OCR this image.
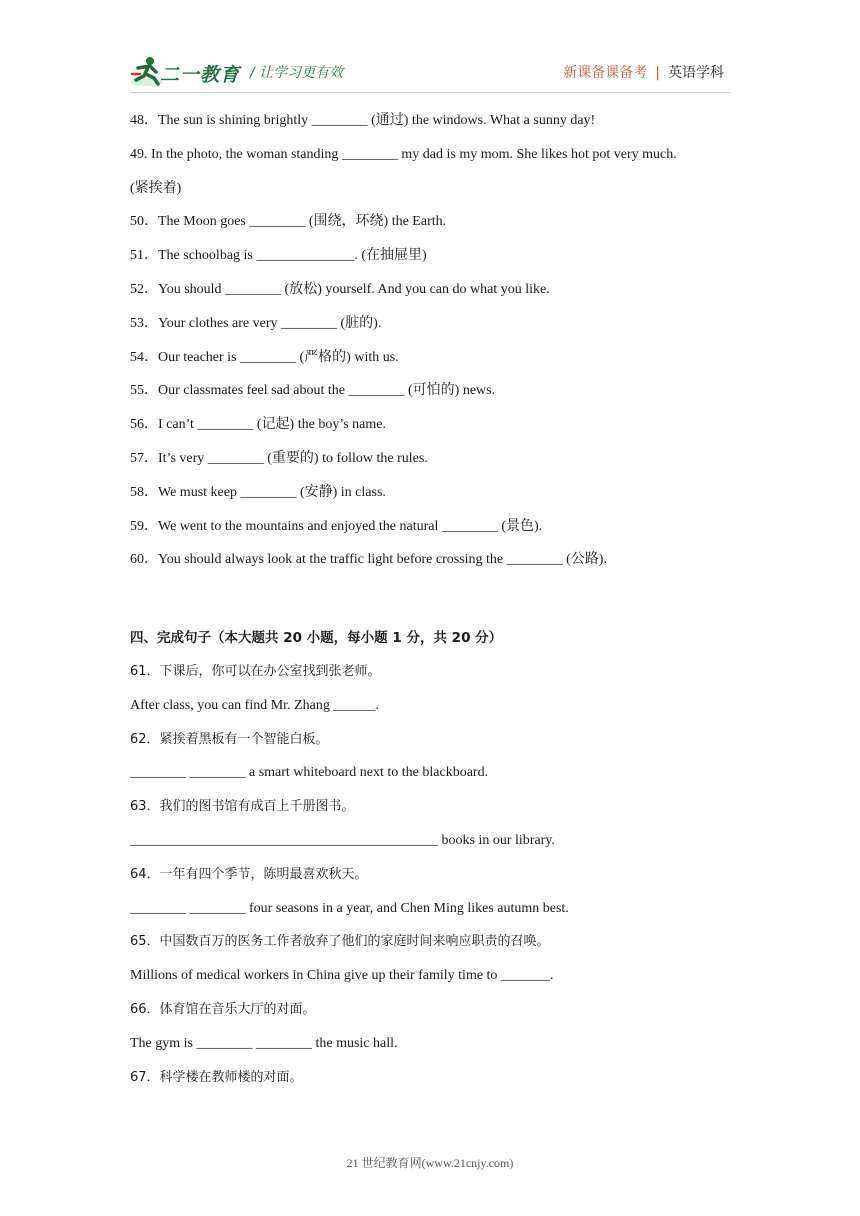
二一教育 / 让学习更有效	新课备课备考 | 英语学科
48．The sun is shining brightly ________ (通过) the windows. What a sunny day!
49. In the photo, the woman standing ________ my dad is my mom. She likes hot pot very much.
(紧挨着)
50．The Moon goes ________ (围绕，环绕) the Earth.
51．The schoolbag is ______________. (在抽屉里)
52．You should ________ (放松) yourself. And you can do what you like.
53．Your clothes are very ________ (脏的).
54．Our teacher is ________ (严格的) with us.
55．Our classmates feel sad about the ________ (可怕的) news.
56．I can’t ________ (记起) the boy’s name.
57．It’s very ________ (重要的) to follow the rules.
58．We must keep ________ (安静) in class.
59．We went to the mountains and enjoyed the natural ________ (景色).
60．You should always look at the traffic light before crossing the ________ (公路).
四、完成句子（本大题共 20 小题，每小题 1 分，共 20 分）
61．下课后，你可以在办公室找到张老师。
After class, you can find Mr. Zhang ______.
62．紧挨着黑板有一个智能白板。
________ ________ a smart whiteboard next to the blackboard.
63．我们的图书馆有成百上千册图书。
____________________________________________ books in our library.
64．一年有四个季节，陈明最喜欢秋天。
________ ________ four seasons in a year, and Chen Ming likes autumn best.
65．中国数百万的医务工作者放弃了他们的家庭时间来响应职责的召唤。
Millions of medical workers in China give up their family time to _______.
66．体育馆在音乐大厅的对面。
The gym is ________ ________ the music hall.
67．科学楼在教师楼的对面。
21 世纪教育网(www.21cnjy.com)
